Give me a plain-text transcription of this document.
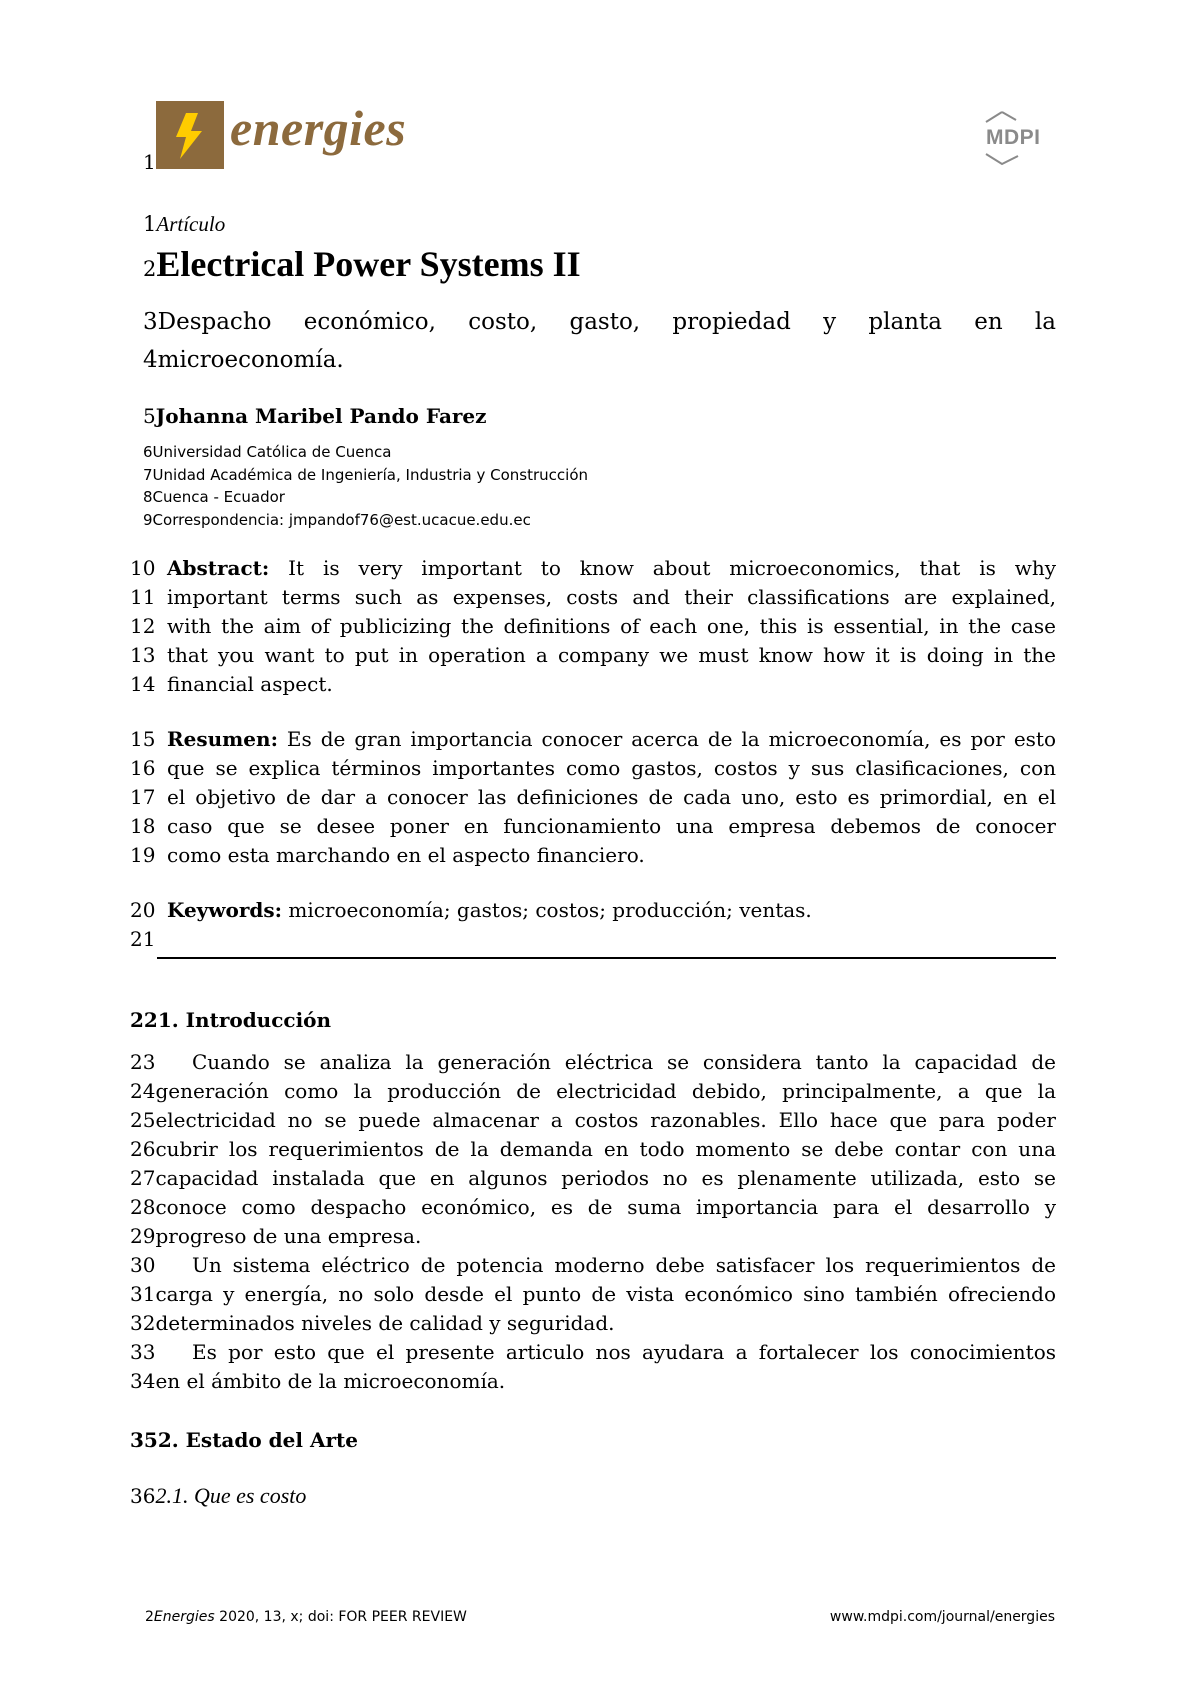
1
energies	MDPI
1Artículo
2Electrical Power Systems II
3Despacho económico, costo, gasto, propiedad y planta en la
4microeconomía.
5Johanna Maribel Pando Farez
6Universidad Católica de Cuenca
7Unidad Académica de Ingeniería, Industria y Construcción
8Cuenca - Ecuador
9Correspondencia: jmpandof76@est.ucacue.edu.ec
10 Abstract: It is very important to know about microeconomics, that is why
11 important terms such as expenses, costs and their classifications are explained,
12 with the aim of publicizing the definitions of each one, this is essential, in the case
13 that you want to put in operation a company we must know how it is doing in the
14 financial aspect.
15 Resumen: Es de gran importancia conocer acerca de la microeconomía, es por esto
16 que se explica términos importantes como gastos, costos y sus clasificaciones, con
17 el objetivo de dar a conocer las definiciones de cada uno, esto es primordial, en el
18 caso que se desee poner en funcionamiento una empresa debemos de conocer
19 como esta marchando en el aspecto financiero.
20 Keywords: microeconomía; gastos; costos; producción; ventas.
21
221. Introducción
23	Cuando se analiza la generación eléctrica se considera tanto la capacidad de
24 generación como la producción de electricidad debido, principalmente, a que la
25 electricidad no se puede almacenar a costos razonables. Ello hace que para poder
26 cubrir los requerimientos de la demanda en todo momento se debe contar con una
27 capacidad instalada que en algunos periodos no es plenamente utilizada, esto se
28 conoce como despacho económico, es de suma importancia para el desarrollo y
29 progreso de una empresa.
30	Un sistema eléctrico de potencia moderno debe satisfacer los requerimientos de
31 carga y energía, no solo desde el punto de vista económico sino también ofreciendo
32 determinados niveles de calidad y seguridad.
33	Es por esto que el presente articulo nos ayudara a fortalecer los conocimientos
34 en el ámbito de la microeconomía.
352. Estado del Arte
362.1. Que es costo
2Energies 2020, 13, x; doi: FOR PEER REVIEW	www.mdpi.com/journal/energies
